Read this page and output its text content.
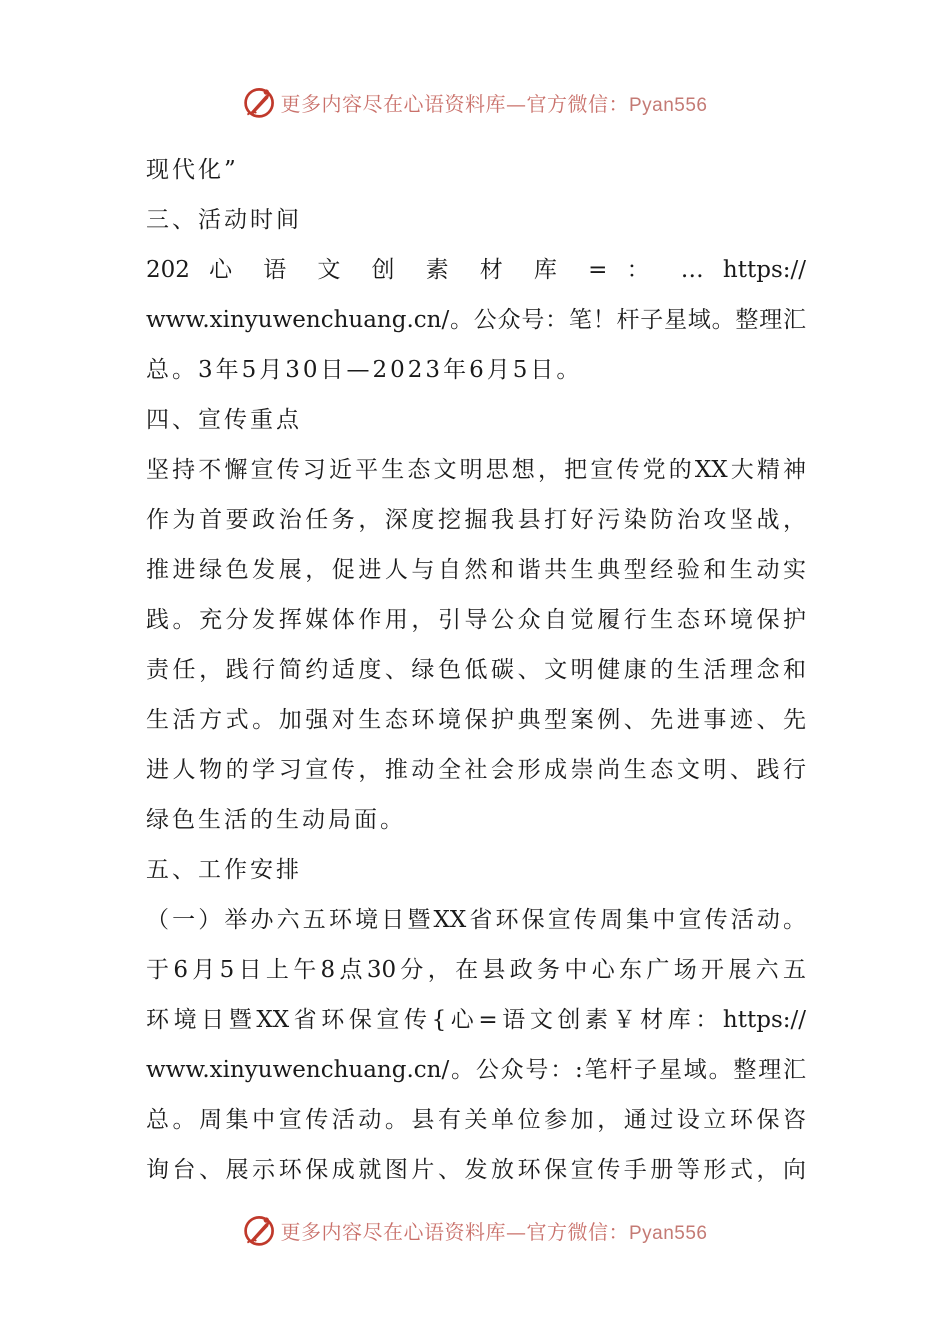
更多内容尽在心语资料库—官方微信：Pyan556
现代化”
三、活动时间
202 心 语 文 创 素 材 库 = ： … https://
www.xinyuwenchuang.cn/。公众号：笔！杆子星域。整理汇
总。3年5月30日—2023年6月5日。
四、宣传重点
坚持不懈宣传习近平生态文明思想，把宣传党的XX大精神
作为首要政治任务，深度挖掘我县打好污染防治攻坚战，
推进绿色发展，促进人与自然和谐共生典型经验和生动实
践。充分发挥媒体作用，引导公众自觉履行生态环境保护
责任，践行简约适度、绿色低碳、文明健康的生活理念和
生活方式。加强对生态环境保护典型案例、先进事迹、先
进人物的学习宣传，推动全社会形成崇尚生态文明、践行
绿色生活的生动局面。
五、工作安排
（一）举办六五环境日暨XX省环保宣传周集中宣传活动。
于6月5日上午8点30分，在县政务中心东广场开展六五
环境日暨XX省环保宣传{心=语文创素￥材库：https://
www.xinyuwenchuang.cn/。公众号：:笔杆子星域。整理汇
总。周集中宣传活动。县有关单位参加，通过设立环保咨
询台、展示环保成就图片、发放环保宣传手册等形式，向
更多内容尽在心语资料库—官方微信：Pyan556
